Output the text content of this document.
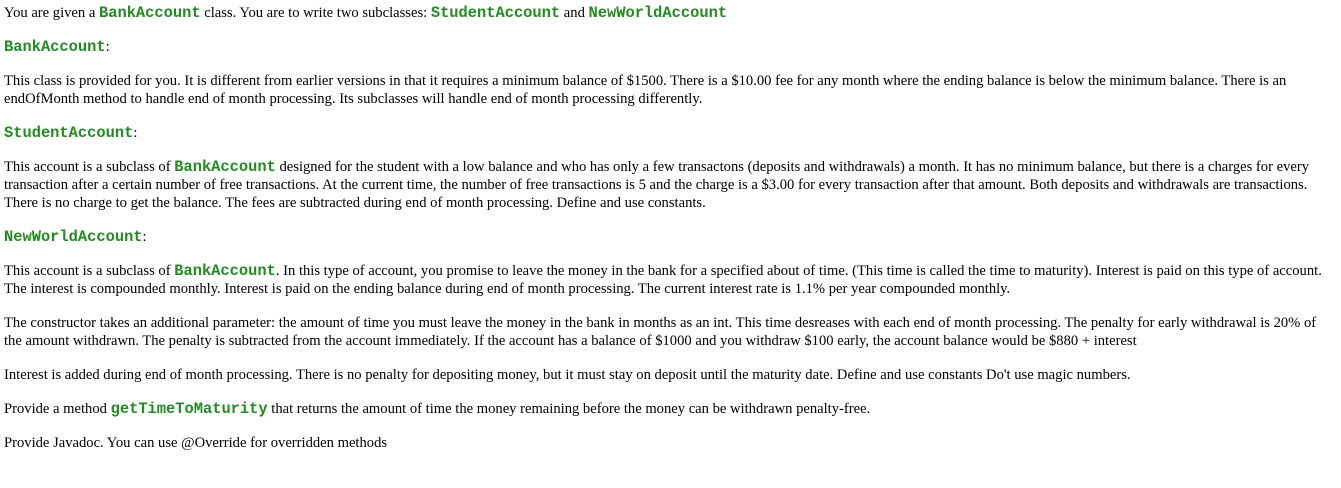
You are given a BankAccount class. You are to write two subclasses: StudentAccount and NewWorldAccount

BankAccount:

This class is provided for you. It is different from earlier versions in that it requires a minimum balance of $1500. There is a $10.00 fee for any month where the ending balance is below the minimum balance. There is an endOfMonth method to handle end of month processing. Its subclasses will handle end of month processing differently.

StudentAccount:

This account is a subclass of BankAccount designed for the student with a low balance and who has only a few transactons (deposits and withdrawals) a month. It has no minimum balance, but there is a charges for every transaction after a certain number of free transactions. At the current time, the number of free transactions is 5 and the charge is a $3.00 for every transaction after that amount. Both deposits and withdrawals are transactions. There is no charge to get the balance. The fees are subtracted during end of month processing. Define and use constants.

NewWorldAccount:

This account is a subclass of BankAccount. In this type of account, you promise to leave the money in the bank for a specified about of time. (This time is called the time to maturity). Interest is paid on this type of account. The interest is compounded monthly. Interest is paid on the ending balance during end of month processing. The current interest rate is 1.1% per year compounded monthly.

The constructor takes an additional parameter: the amount of time you must leave the money in the bank in months as an int. This time desreases with each end of month processing. The penalty for early withdrawal is 20% of the amount withdrawn. The penalty is subtracted from the account immediately. If the account has a balance of $1000 and you withdraw $100 early, the account balance would be $880 + interest

Interest is added during end of month processing. There is no penalty for depositing money, but it must stay on deposit until the maturity date. Define and use constants Do't use magic numbers.

Provide a method getTimeToMaturity that returns the amount of time the money remaining before the money can be withdrawn penalty-free.

Provide Javadoc. You can use @Override for overridden methods
